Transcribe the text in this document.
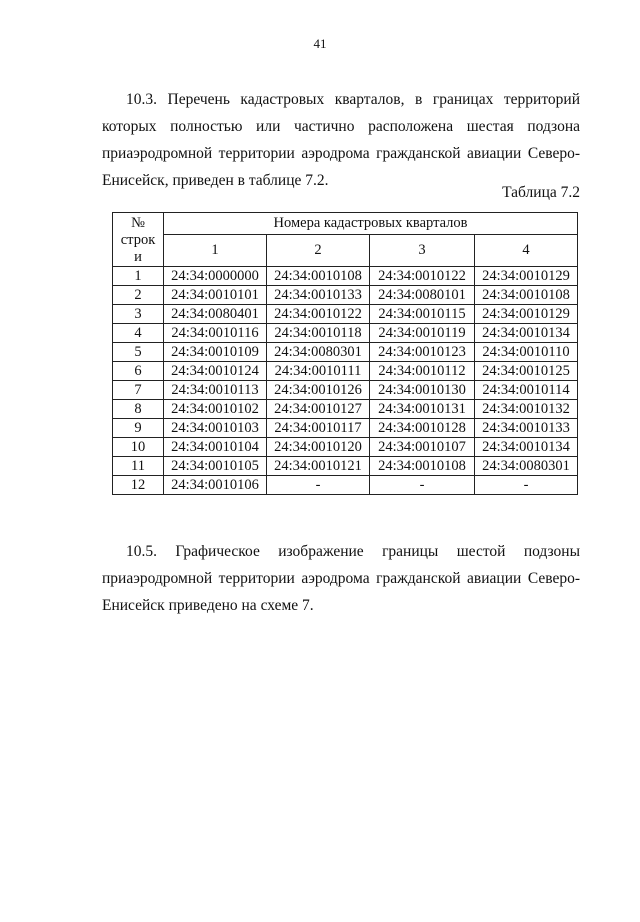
41
10.3. Перечень кадастровых кварталов, в границах территорий которых полностью или частично расположена шестая подзона приаэродромной территории аэродрома гражданской авиации Северо-Енисейск, приведен в таблице 7.2.
Таблица 7.2
№
строк
и	Номера кадастровых кварталов			
	1	2	3	4
1	24:34:0000000	24:34:0010108	24:34:0010122	24:34:0010129
2	24:34:0010101	24:34:0010133	24:34:0080101	24:34:0010108
3	24:34:0080401	24:34:0010122	24:34:0010115	24:34:0010129
4	24:34:0010116	24:34:0010118	24:34:0010119	24:34:0010134
5	24:34:0010109	24:34:0080301	24:34:0010123	24:34:0010110
6	24:34:0010124	24:34:0010111	24:34:0010112	24:34:0010125
7	24:34:0010113	24:34:0010126	24:34:0010130	24:34:0010114
8	24:34:0010102	24:34:0010127	24:34:0010131	24:34:0010132
9	24:34:0010103	24:34:0010117	24:34:0010128	24:34:0010133
10	24:34:0010104	24:34:0010120	24:34:0010107	24:34:0010134
11	24:34:0010105	24:34:0010121	24:34:0010108	24:34:0080301
12	24:34:0010106	-	-	-
10.5. Графическое изображение границы шестой подзоны приаэродромной территории аэродрома гражданской авиации Северо-Енисейск приведено на схеме 7.
